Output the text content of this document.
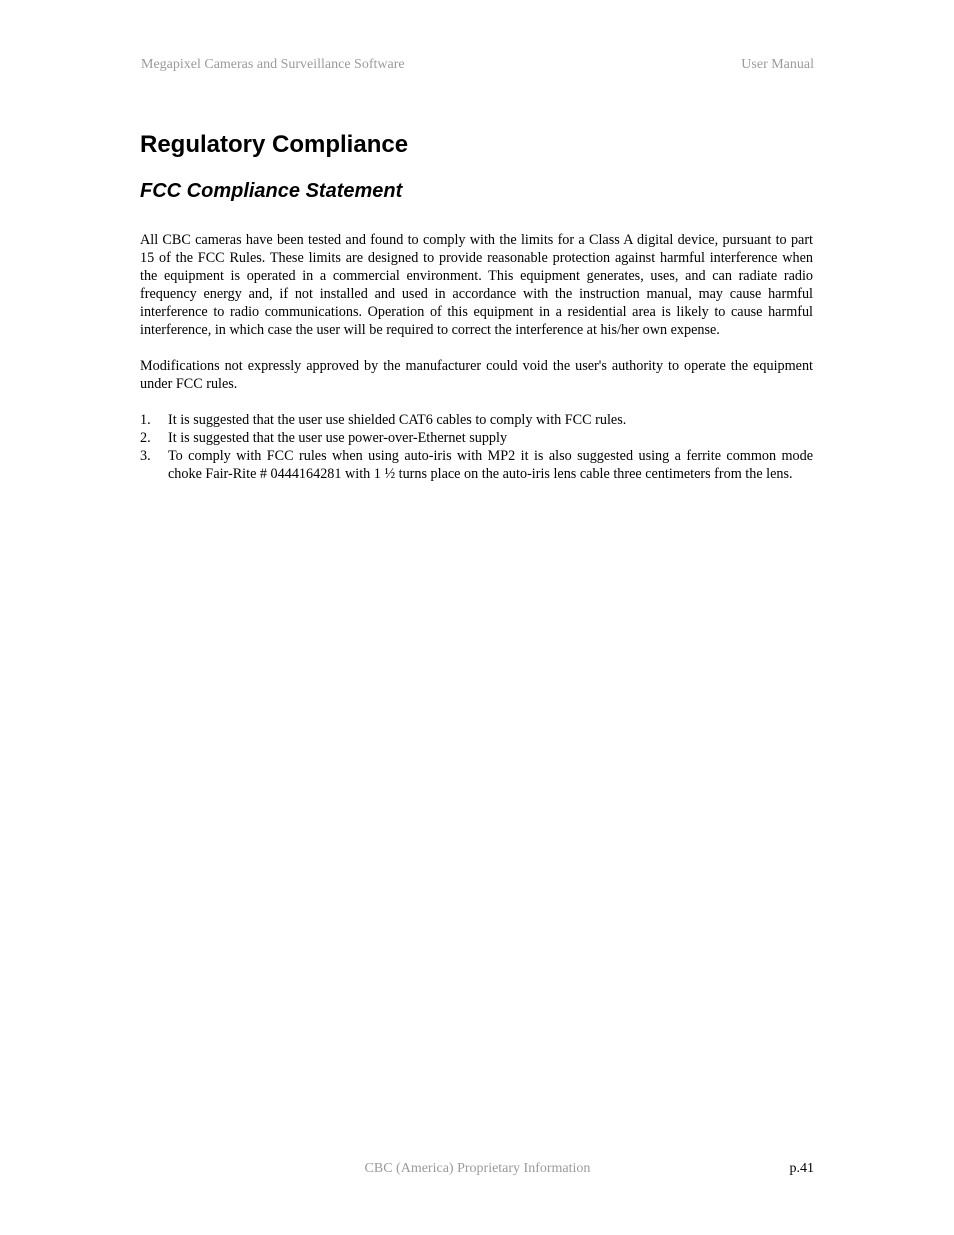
Megapixel Cameras and Surveillance Software	User Manual
Regulatory Compliance
FCC Compliance Statement

All CBC cameras have been tested and found to comply with the limits for a Class A digital device, pursuant to part 15 of the FCC Rules. These limits are designed to provide reasonable protection against harmful interference when the equipment is operated in a commercial environment. This equipment generates, uses, and can radiate radio frequency energy and, if not installed and used in accordance with the instruction manual, may cause harmful interference to radio communications. Operation of this equipment in a residential area is likely to cause harmful interference, in which case the user will be required to correct the interference at his/her own expense.

Modifications not expressly approved by the manufacturer could void the user's authority to operate the equipment under FCC rules.

1.	It is suggested that the user use shielded CAT6 cables to comply with FCC rules.
2.	It is suggested that the user use power-over-Ethernet supply
3.	To comply with FCC rules when using auto-iris with MP2 it is also suggested using a ferrite common mode choke Fair-Rite # 0444164281 with 1 ½ turns place on the auto-iris lens cable three centimeters from the lens.
CBC (America) Proprietary Information	p.41
